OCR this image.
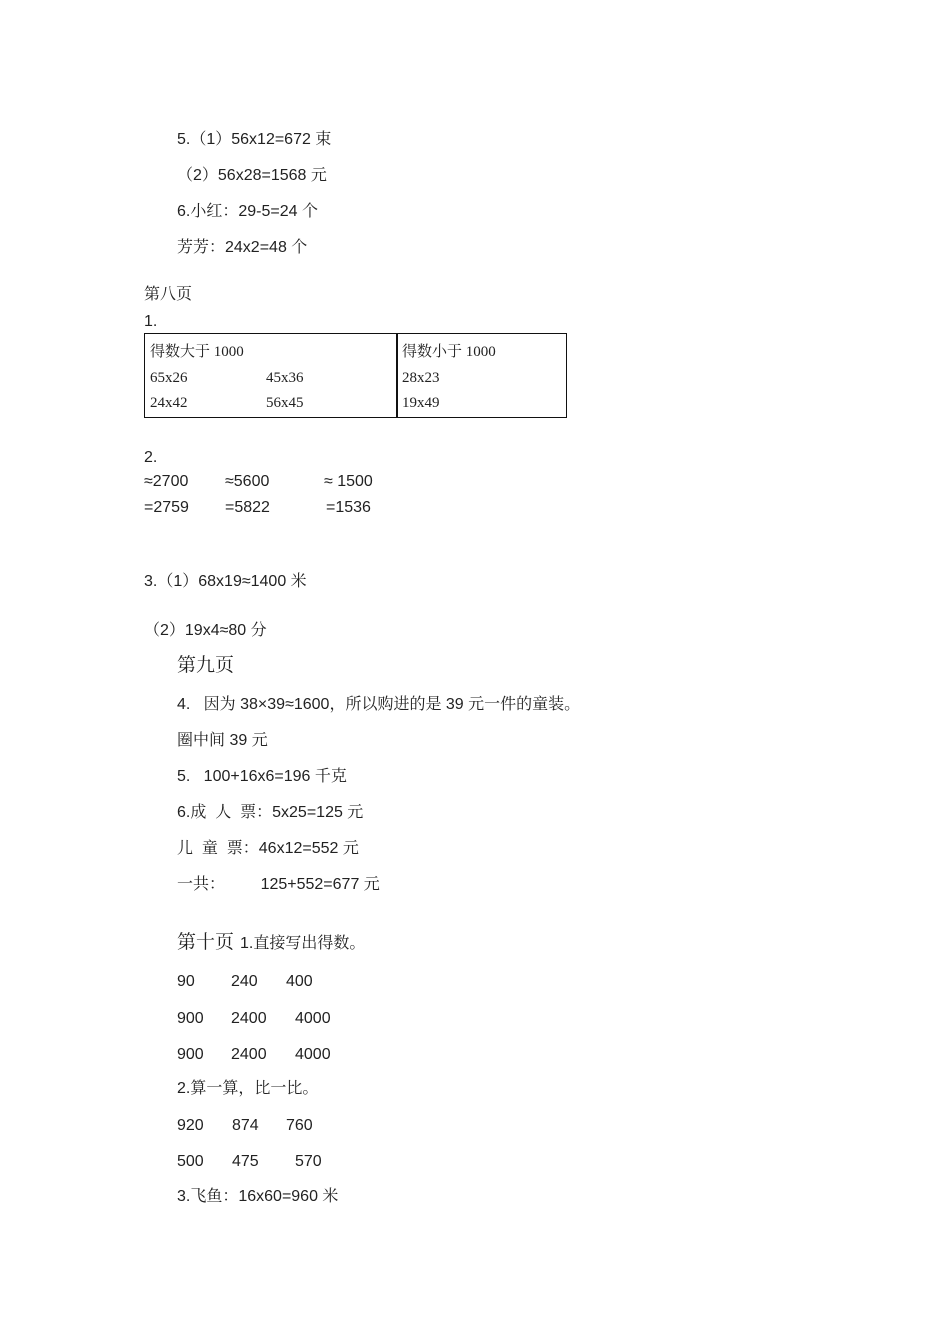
5.（1）56x12=672 束
（2）56x28=1568 元
6.小红：29-5=24 个
芳芳：24x2=48 个
第八页
1.
得数大于 1000
65x26	45x36
24x42	56x45
得数小于 1000
28x23
19x49
2.
≈2700 ≈5600	≈ 1500
=2759 =5822	=1536
3.（1）68x19≈1400 米
（2）19x4≈80 分
第九页
4.   因为 38×39≈1600，所以购进的是 39 元一件的童装。
圈中间 39 元
5.   100+16x6=196 千克
6.成  人  票：5x25=125 元
儿  童  票：46x12=552 元
一共：        125+552=677 元
第十页 1.直接写出得数。
90 240 400
900 2400 4000
900 2400 4000
2.算一算，比一比。
920 874 760
500 475 570
3.飞鱼：16x60=960 米
